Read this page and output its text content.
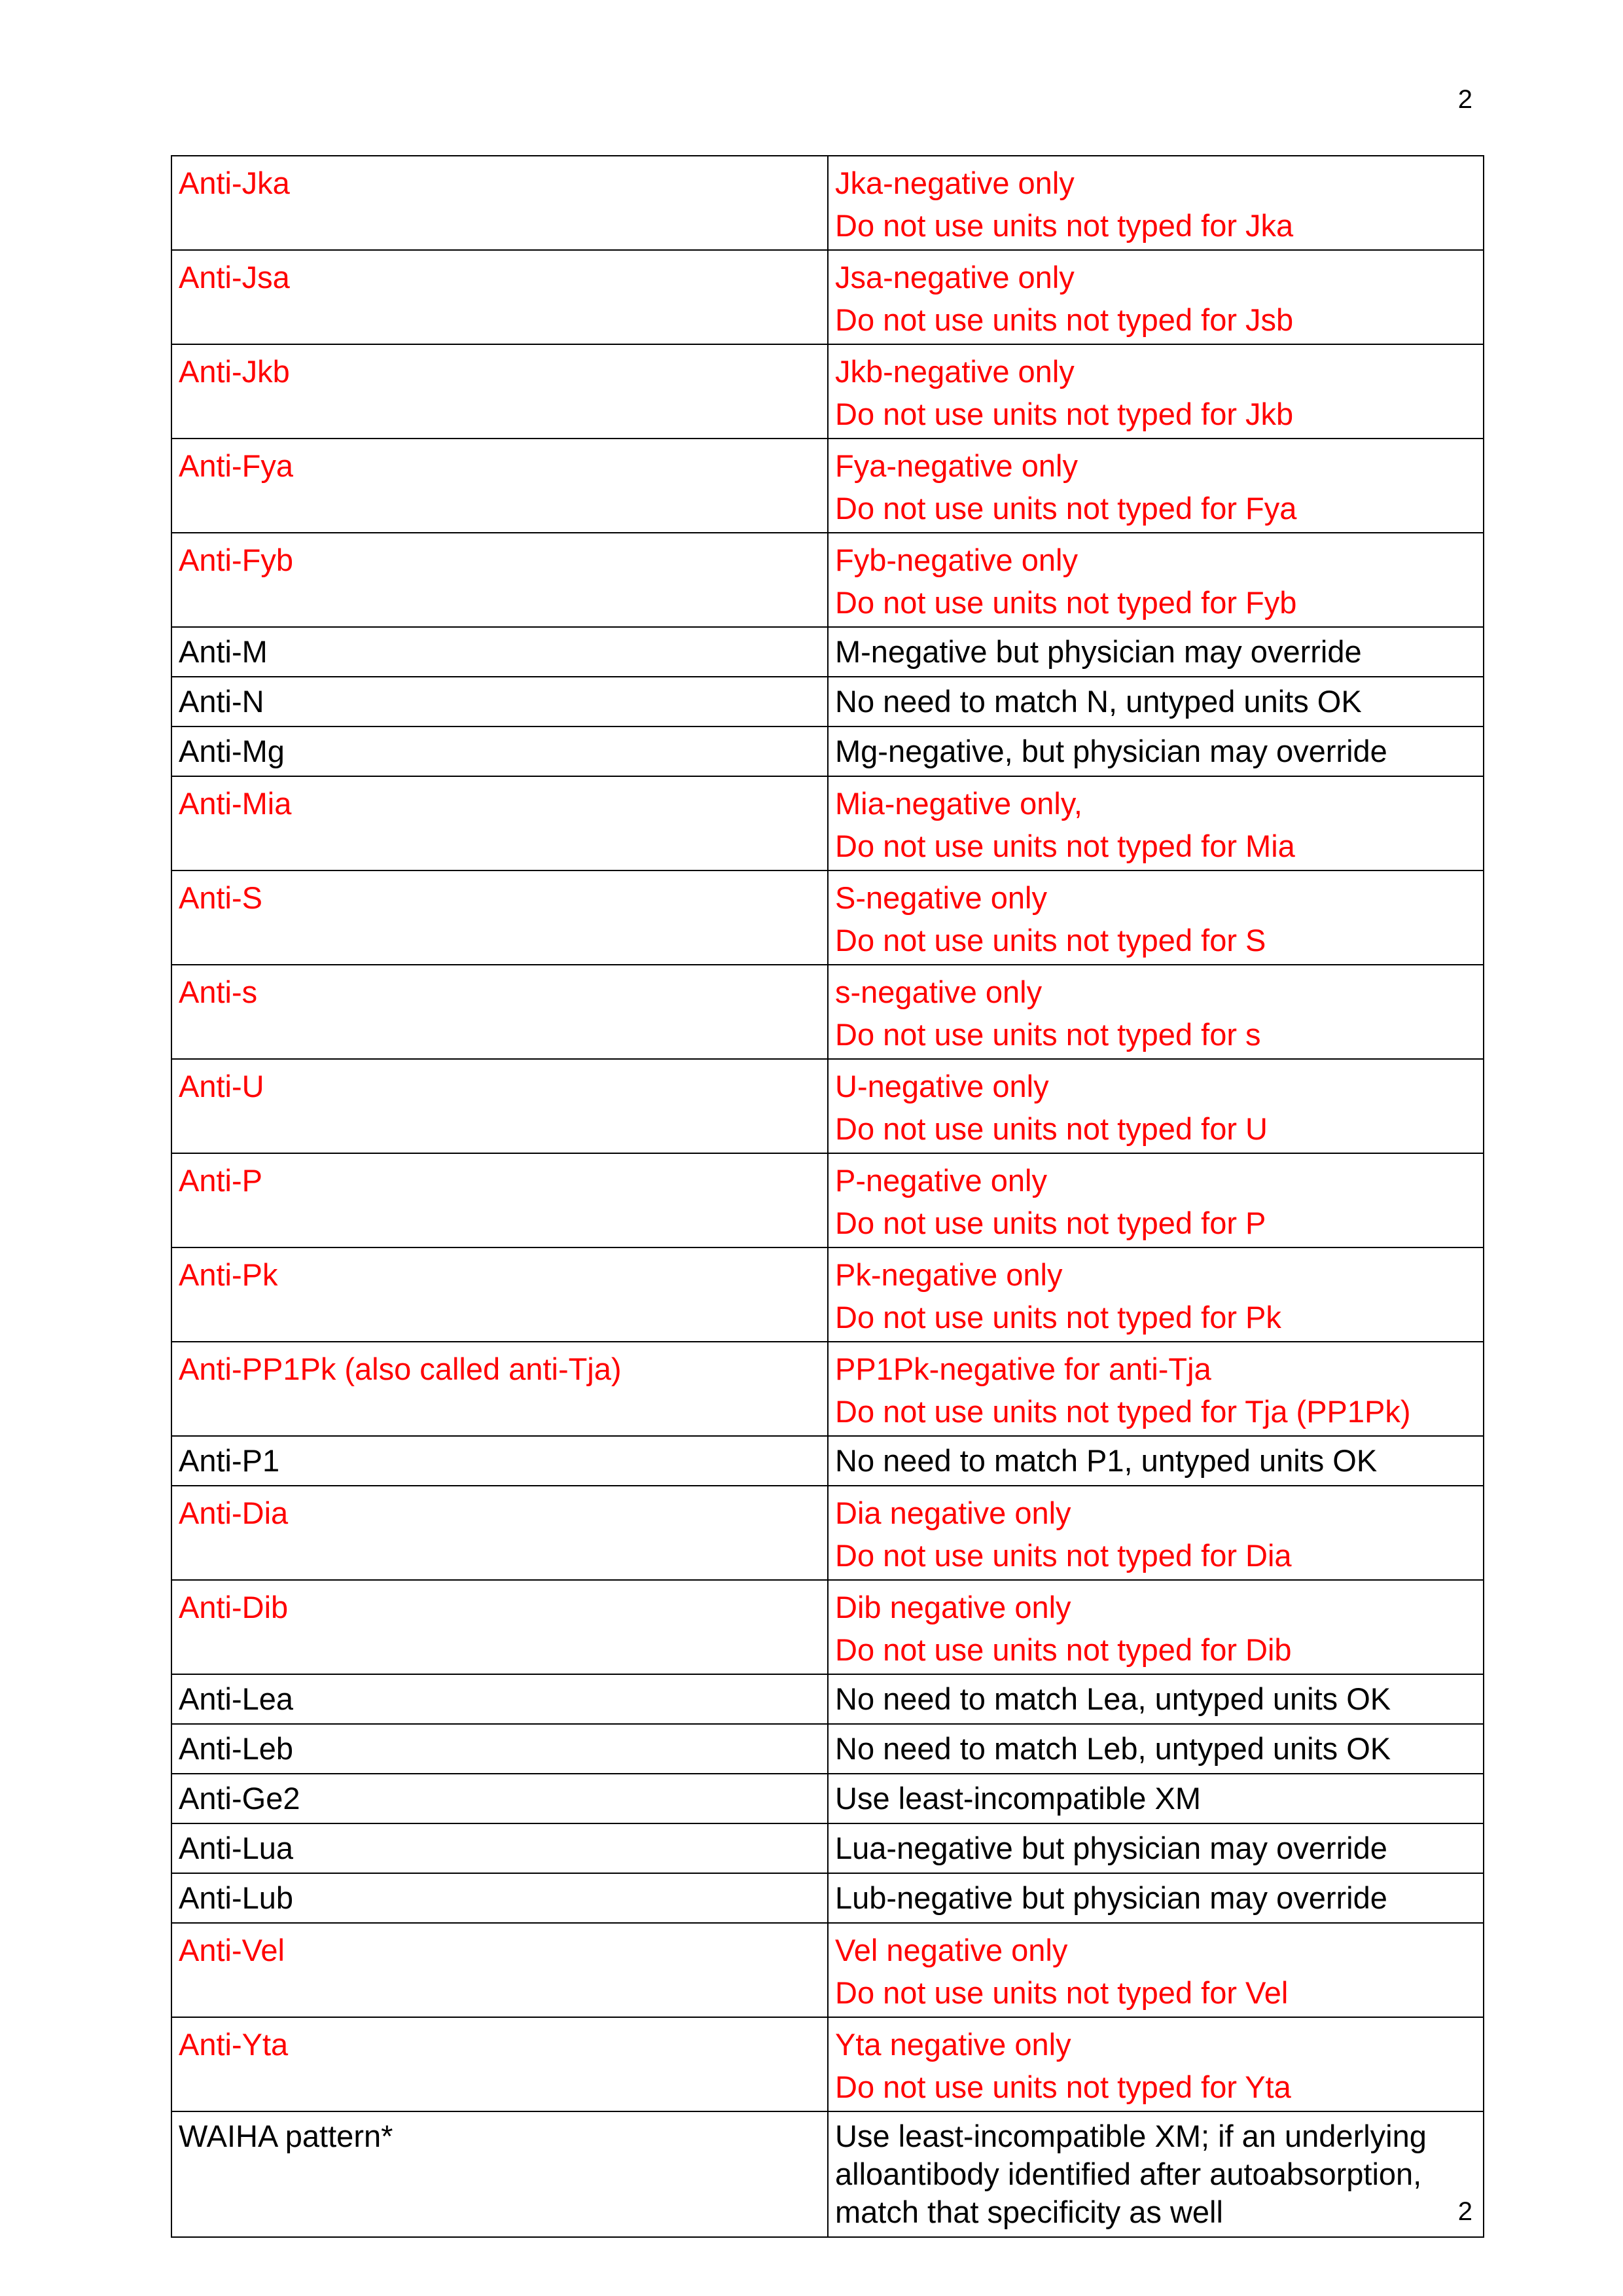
2
Anti-Jka	Jka-negative only
Do not use units not typed for Jka

Anti-Jsa	Jsa-negative only
Do not use units not typed for Jsb

Anti-Jkb	Jkb-negative only
Do not use units not typed for Jkb

Anti-Fya	Fya-negative only
Do not use units not typed for Fya

Anti-Fyb	Fyb-negative only
Do not use units not typed for Fyb

Anti-M	M-negative but physician may override

Anti-N	No need to match N, untyped units OK

Anti-Mg	Mg-negative, but physician may override

Anti-Mia	Mia-negative only,
Do not use units not typed for Mia

Anti-S	S-negative only
Do not use units not typed for S

Anti-s	s-negative only
Do not use units not typed for s

Anti-U	U-negative only
Do not use units not typed for U

Anti-P	P-negative only
Do not use units not typed for P

Anti-Pk	Pk-negative only
Do not use units not typed for Pk

Anti-PP1Pk (also called anti-Tja)	PP1Pk-negative for anti-Tja
Do not use units not typed for Tja (PP1Pk)

Anti-P1	No need to match P1, untyped units OK

Anti-Dia	Dia negative only
Do not use units not typed for Dia

Anti-Dib	Dib negative only
Do not use units not typed for Dib

Anti-Lea	No need to match Lea, untyped units OK

Anti-Leb	No need to match Leb, untyped units OK

Anti-Ge2	Use least-incompatible XM

Anti-Lua	Lua-negative but physician may override

Anti-Lub	Lub-negative but physician may override

Anti-Vel	Vel negative only
Do not use units not typed for Vel

Anti-Yta	Yta negative only
Do not use units not typed for Yta

WAIHA pattern*	Use least-incompatible XM; if an underlying
alloantibody identified after autoabsorption,
match that specificity as well	2
